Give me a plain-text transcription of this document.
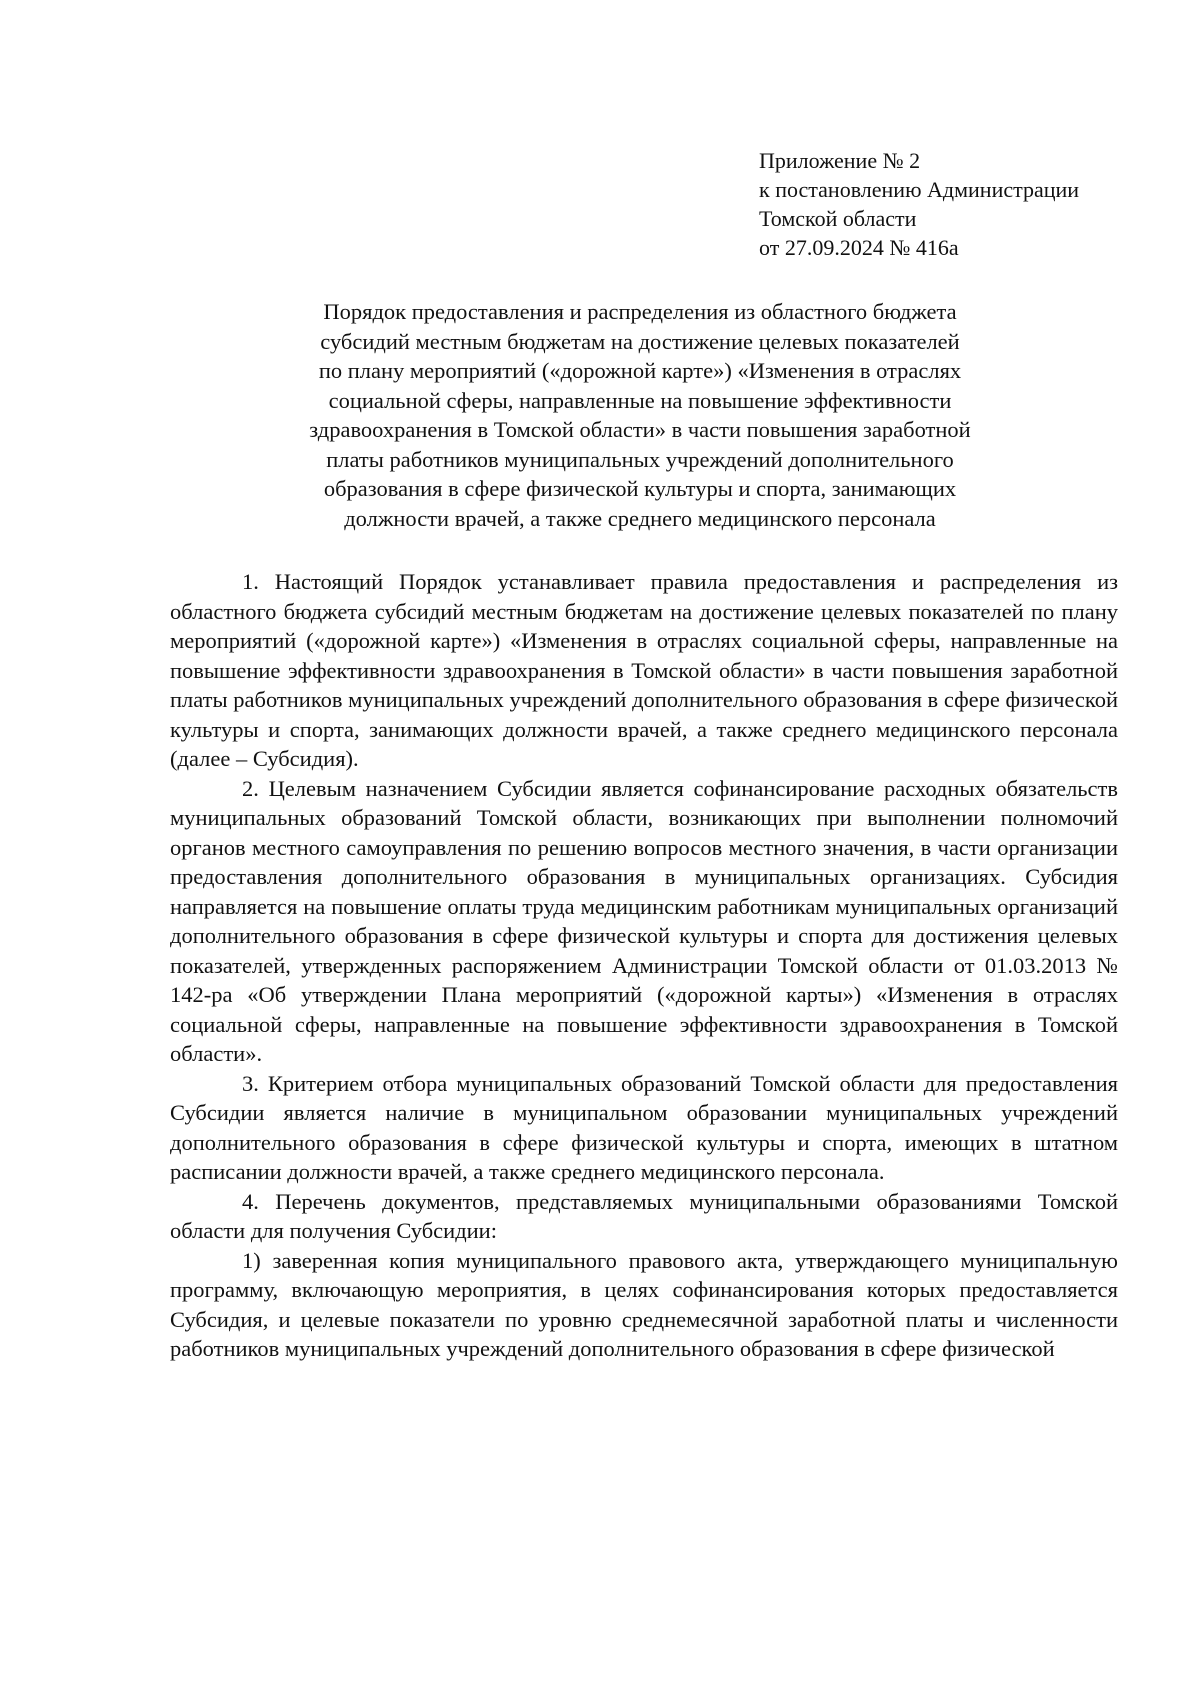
Приложение № 2
к постановлению Администрации
Томской области
от 27.09.2024 № 416а
Порядок предоставления и распределения из областного бюджета
субсидий местным бюджетам на достижение целевых показателей
по плану мероприятий («дорожной карте») «Изменения в отраслях
социальной сферы, направленные на повышение эффективности
здравоохранения в Томской области» в части повышения заработной
платы работников муниципальных учреждений дополнительного
образования в сфере физической культуры и спорта, занимающих
должности врачей, а также среднего медицинского персонала

1. Настоящий Порядок устанавливает правила предоставления и распределения из областного бюджета субсидий местным бюджетам на достижение целевых показателей по плану мероприятий («дорожной карте») «Изменения в отраслях социальной сферы, направленные на повышение эффективности здравоохранения в Томской области» в части повышения заработной платы работников муниципальных учреждений дополнительного образования в сфере физической культуры и спорта, занимающих должности врачей, а также среднего медицинского персонала (далее – Субсидия).

2. Целевым назначением Субсидии является софинансирование расходных обязательств муниципальных образований Томской области, возникающих при выполнении полномочий органов местного самоуправления по решению вопросов местного значения, в части организации предоставления дополнительного образования в муниципальных организациях. Субсидия направляется на повышение оплаты труда медицинским работникам муниципальных организаций дополнительного образования в сфере физической культуры и спорта для достижения целевых показателей, утвержденных распоряжением Администрации Томской области от 01.03.2013 № 142-ра «Об утверждении Плана мероприятий («дорожной карты») «Изменения в отраслях социальной сферы, направленные на повышение эффективности здравоохранения в Томской области».

3. Критерием отбора муниципальных образований Томской области для предоставления Субсидии является наличие в муниципальном образовании муниципальных учреждений дополнительного образования в сфере физической культуры и спорта, имеющих в штатном расписании должности врачей, а также среднего медицинского персонала.

4. Перечень документов, представляемых муниципальными образованиями Томской области для получения Субсидии:

1) заверенная копия муниципального правового акта, утверждающего муниципальную программу, включающую мероприятия, в целях софинансирования которых предоставляется Субсидия, и целевые показатели по уровню среднемесячной заработной платы и численности работников муниципальных учреждений дополнительного образования в сфере физической
